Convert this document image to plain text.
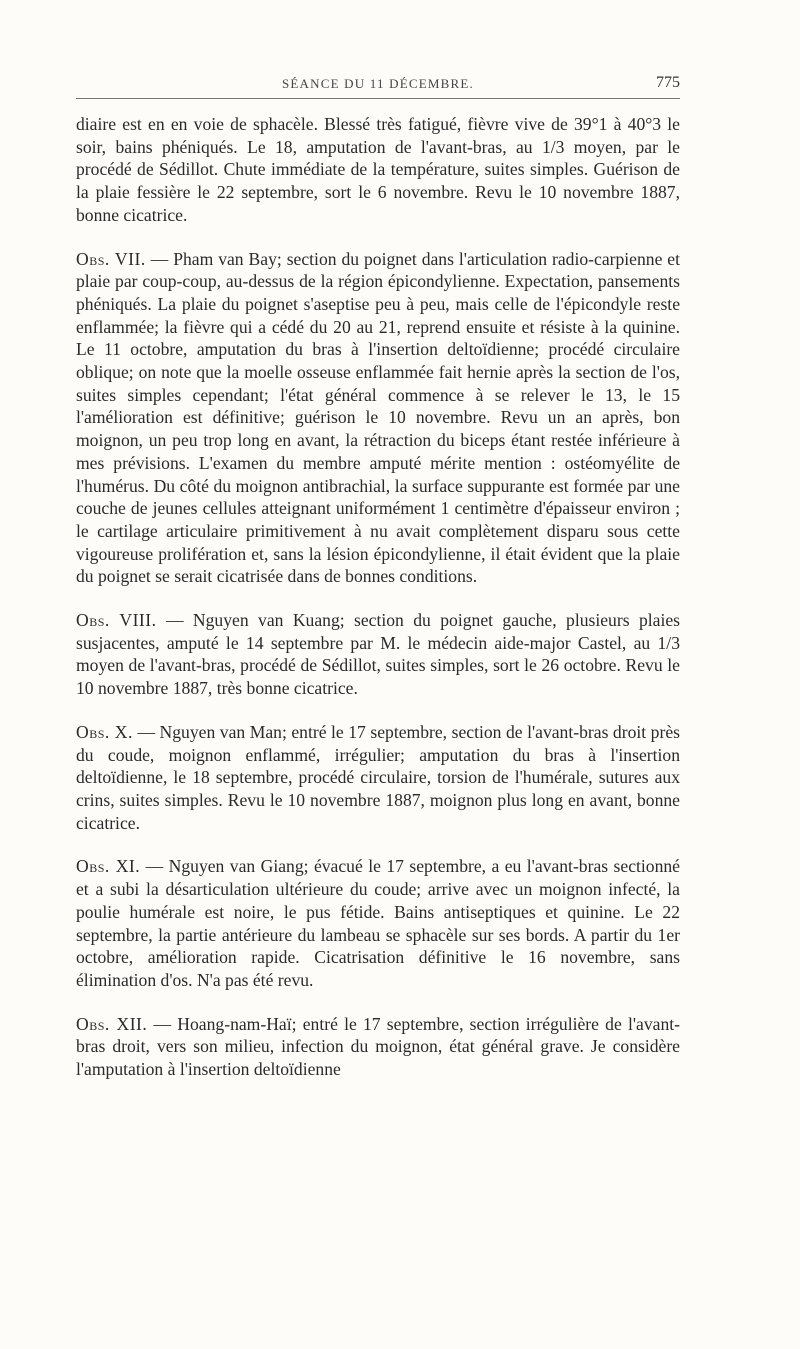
SÉANCE DU 11 DÉCEMBRE.	775

diaire est en en voie de sphacèle. Blessé très fatigué, fièvre vive de 39°1 à 40°3 le soir, bains phéniqués. Le 18, amputation de l'avant-bras, au 1/3 moyen, par le procédé de Sédillot. Chute immédiate de la température, suites simples. Guérison de la plaie fessière le 22 septembre, sort le 6 novembre. Revu le 10 novembre 1887, bonne cicatrice.

Obs. VII. — Pham van Bay; section du poignet dans l'articulation radio-carpienne et plaie par coup-coup, au-dessus de la région épicondylienne. Expectation, pansements phéniqués. La plaie du poignet s'aseptise peu à peu, mais celle de l'épicondyle reste enflammée; la fièvre qui a cédé du 20 au 21, reprend ensuite et résiste à la quinine. Le 11 octobre, amputation du bras à l'insertion deltoïdienne; procédé circulaire oblique; on note que la moelle osseuse enflammée fait hernie après la section de l'os, suites simples cependant; l'état général commence à se relever le 13, le 15 l'amélioration est définitive; guérison le 10 novembre. Revu un an après, bon moignon, un peu trop long en avant, la rétraction du biceps étant restée inférieure à mes prévisions. L'examen du membre amputé mérite mention : ostéomyélite de l'humérus. Du côté du moignon antibrachial, la surface suppurante est formée par une couche de jeunes cellules atteignant uniformément 1 centimètre d'épaisseur environ ; le cartilage articulaire primitivement à nu avait complètement disparu sous cette vigoureuse prolifération et, sans la lésion épicondylienne, il était évident que la plaie du poignet se serait cicatrisée dans de bonnes conditions.

Obs. VIII. — Nguyen van Kuang; section du poignet gauche, plusieurs plaies susjacentes, amputé le 14 septembre par M. le médecin aide-major Castel, au 1/3 moyen de l'avant-bras, procédé de Sédillot, suites simples, sort le 26 octobre. Revu le 10 novembre 1887, très bonne cicatrice.

Obs. X. — Nguyen van Man; entré le 17 septembre, section de l'avant-bras droit près du coude, moignon enflammé, irrégulier; amputation du bras à l'insertion deltoïdienne, le 18 septembre, procédé circulaire, torsion de l'humérale, sutures aux crins, suites simples. Revu le 10 novembre 1887, moignon plus long en avant, bonne cicatrice.

Obs. XI. — Nguyen van Giang; évacué le 17 septembre, a eu l'avant-bras sectionné et a subi la désarticulation ultérieure du coude; arrive avec un moignon infecté, la poulie humérale est noire, le pus fétide. Bains antiseptiques et quinine. Le 22 septembre, la partie antérieure du lambeau se sphacèle sur ses bords. A partir du 1er octobre, amélioration rapide. Cicatrisation définitive le 16 novembre, sans élimination d'os. N'a pas été revu.

Obs. XII. — Hoang-nam-Haï; entré le 17 septembre, section irrégulière de l'avant-bras droit, vers son milieu, infection du moignon, état général grave. Je considère l'amputation à l'insertion deltoïdienne
